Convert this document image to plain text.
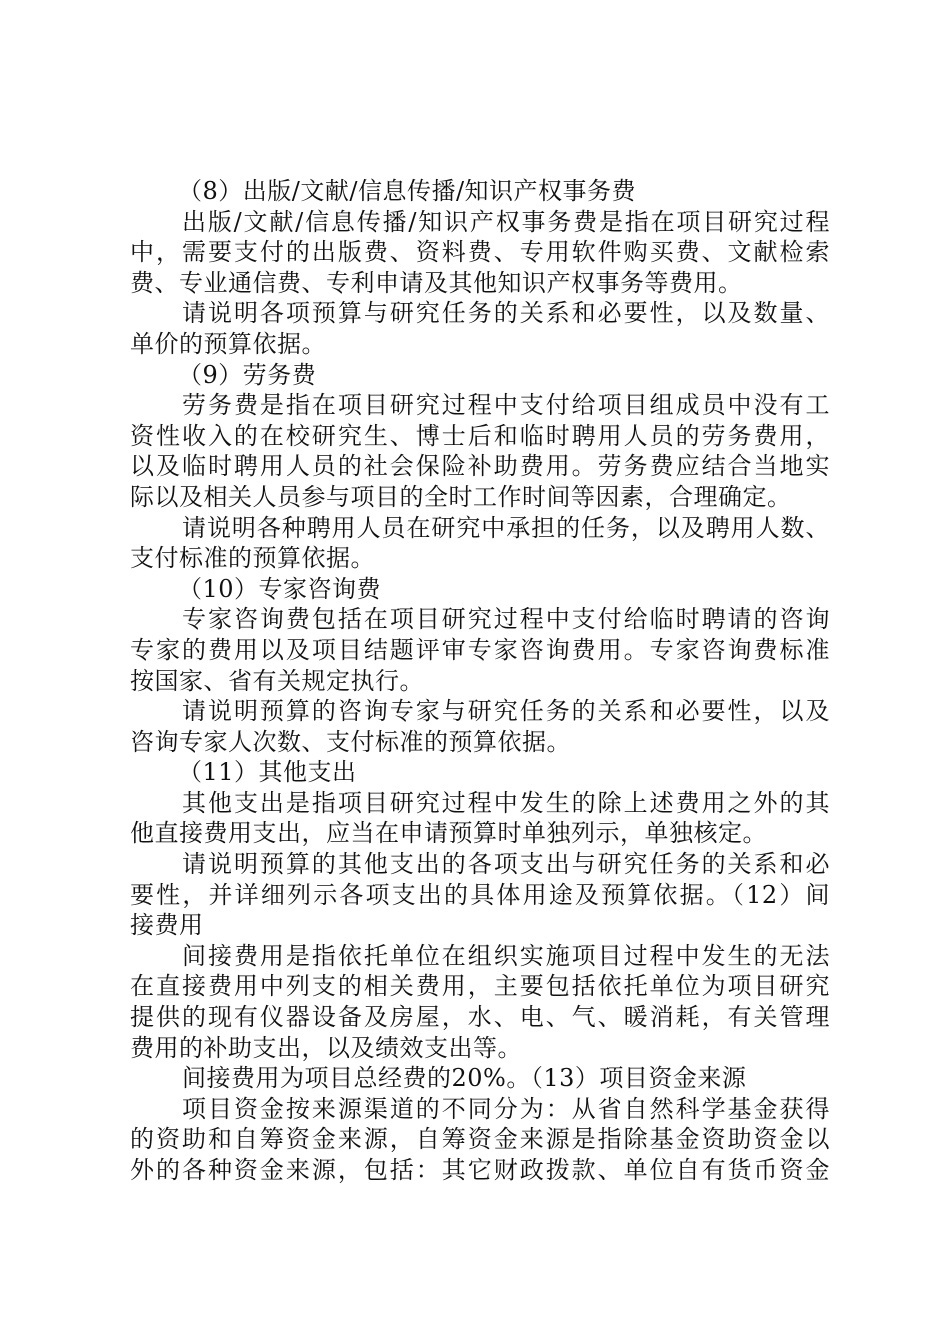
（8）出版/文献/信息传播/知识产权事务费
出版/文献/信息传播/知识产权事务费是指在项目研究过程
中，需要支付的出版费、资料费、专用软件购买费、文献检索
费、专业通信费、专利申请及其他知识产权事务等费用。
请说明各项预算与研究任务的关系和必要性，以及数量、
单价的预算依据。
（9）劳务费
劳务费是指在项目研究过程中支付给项目组成员中没有工
资性收入的在校研究生、博士后和临时聘用人员的劳务费用，
以及临时聘用人员的社会保险补助费用。劳务费应结合当地实
际以及相关人员参与项目的全时工作时间等因素，合理确定。
请说明各种聘用人员在研究中承担的任务，以及聘用人数、
支付标准的预算依据。
（10）专家咨询费
专家咨询费包括在项目研究过程中支付给临时聘请的咨询
专家的费用以及项目结题评审专家咨询费用。专家咨询费标准
按国家、省有关规定执行。
请说明预算的咨询专家与研究任务的关系和必要性，以及
咨询专家人次数、支付标准的预算依据。
（11）其他支出
其他支出是指项目研究过程中发生的除上述费用之外的其
他直接费用支出，应当在申请预算时单独列示，单独核定。
请说明预算的其他支出的各项支出与研究任务的关系和必
要性，并详细列示各项支出的具体用途及预算依据。（12）间
接费用
间接费用是指依托单位在组织实施项目过程中发生的无法
在直接费用中列支的相关费用，主要包括依托单位为项目研究
提供的现有仪器设备及房屋，水、电、气、暖消耗，有关管理
费用的补助支出，以及绩效支出等。
间接费用为项目总经费的20%。（13）项目资金来源
项目资金按来源渠道的不同分为：从省自然科学基金获得
的资助和自筹资金来源，自筹资金来源是指除基金资助资金以
外的各种资金来源，包括：其它财政拨款、单位自有货币资金
